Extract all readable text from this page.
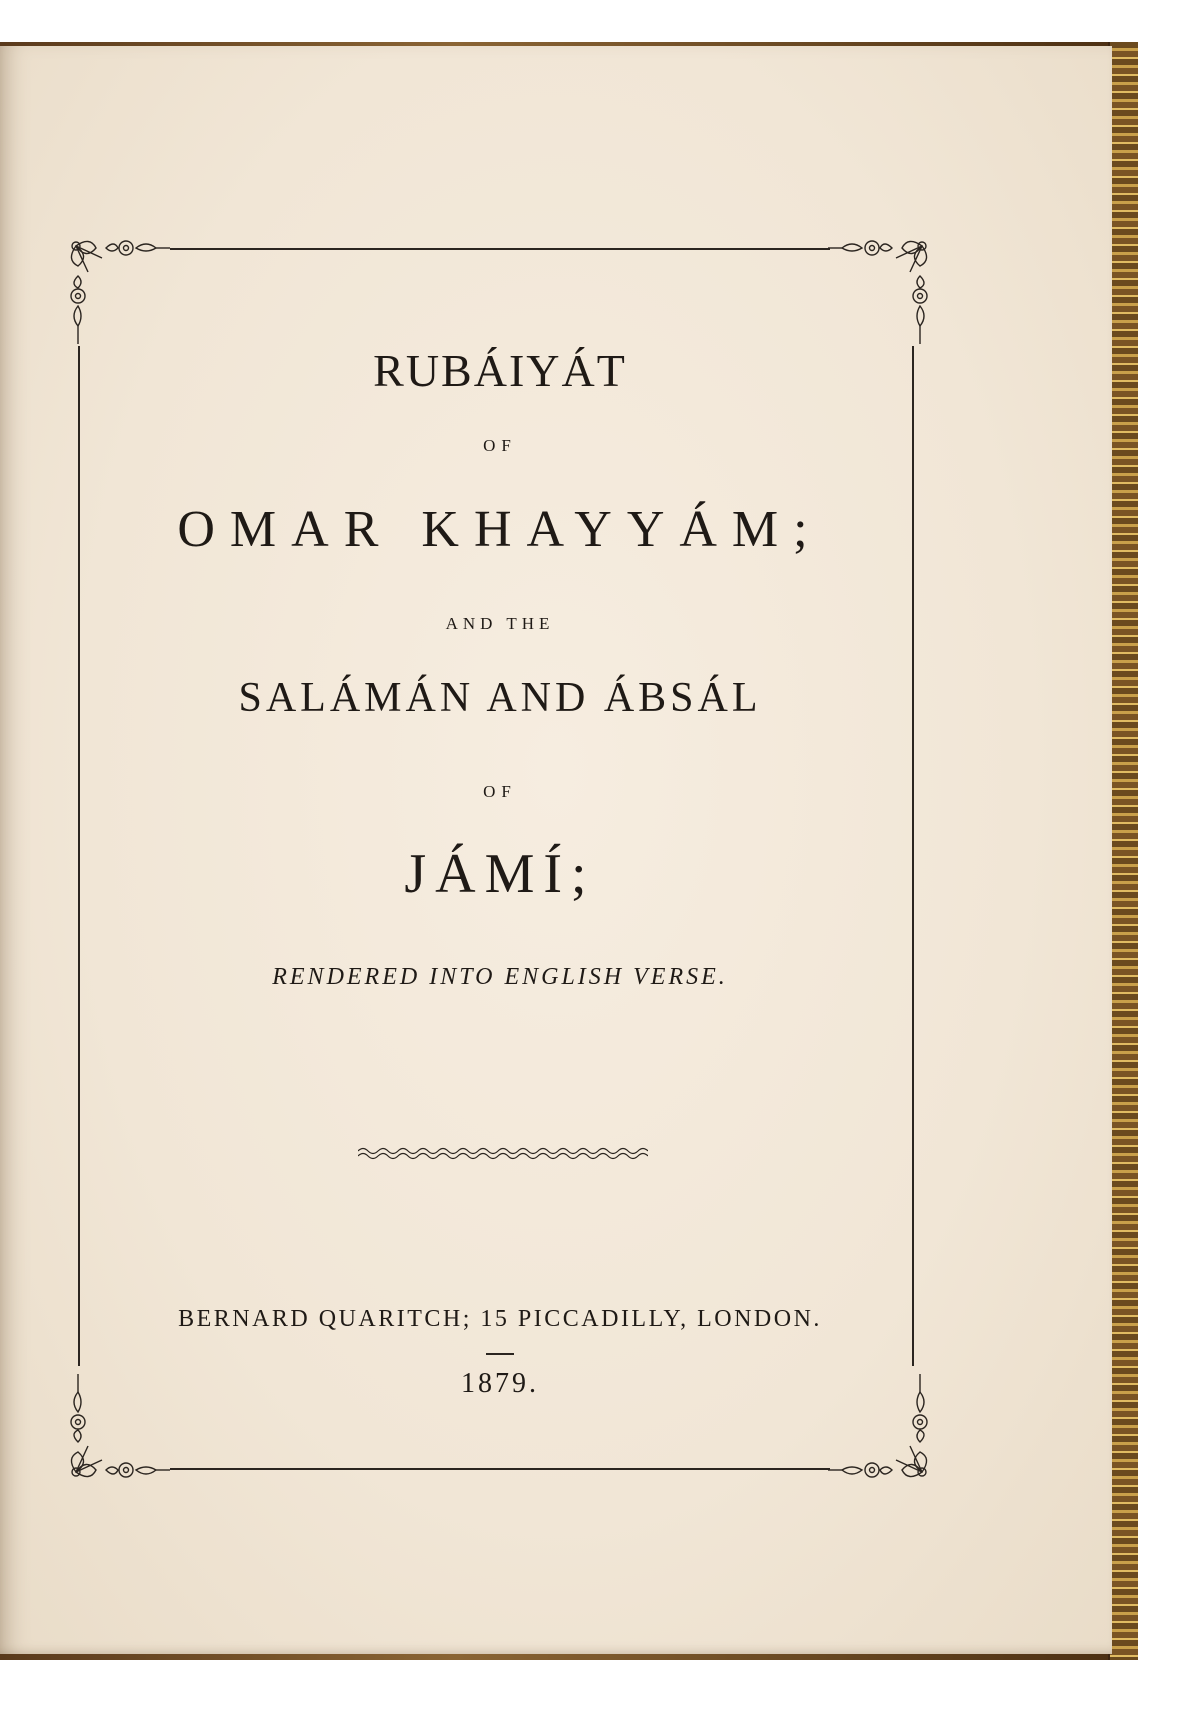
RUBÁIYÁT

OF

OMAR KHAYYÁM;

AND THE

SALÁMÁN AND ÁBSÁL

OF

JÁMÍ;

RENDERED INTO ENGLISH VERSE.

BERNARD QUARITCH; 15 PICCADILLY, LONDON.

1879.
